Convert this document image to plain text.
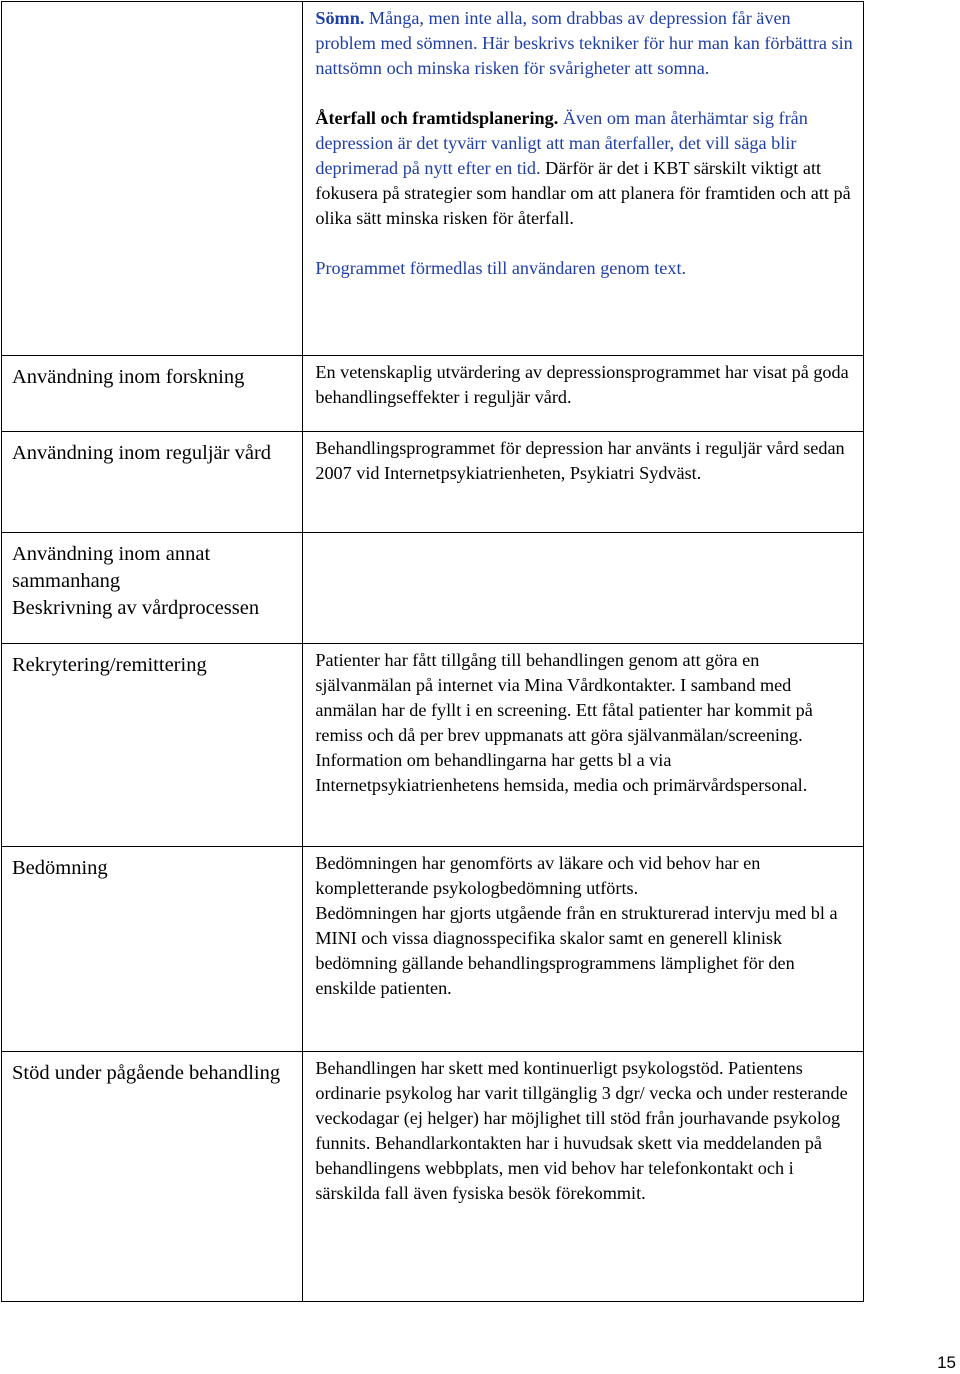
	Sömn. Många, men inte alla, som drabbas av depression får även problem med sömnen. Här beskrivs tekniker för hur man kan förbättra sin nattsömn och minska risken för svårigheter att somna.

Återfall och framtidsplanering. Även om man återhämtar sig från depression är det tyvärr vanligt att man återfaller, det vill säga blir deprimerad på nytt efter en tid. Därför är det i KBT särskilt viktigt att fokusera på strategier som handlar om att planera för framtiden och att på olika sätt minska risken för återfall.

Programmet förmedlas till användaren genom text.

Användning inom forskning	En vetenskaplig utvärdering av depressionsprogrammet har visat på goda behandlingseffekter i reguljär vård.

Användning inom reguljär vård	Behandlingsprogrammet för depression har använts i reguljär vård sedan 2007 vid Internetpsykiatrienheten, Psykiatri Sydväst.

Användning inom annat sammanhang
Beskrivning av vårdprocessen	

Rekrytering/remittering	Patienter har fått tillgång till behandlingen genom att göra en självanmälan på internet via Mina Vårdkontakter. I samband med anmälan har de fyllt i en screening. Ett fåtal patienter har kommit på remiss och då per brev uppmanats att göra självanmälan/screening. Information om behandlingarna har getts bl a via Internetpsykiatrienhetens hemsida, media och primärvårdspersonal.

Bedömning	Bedömningen har genomförts av läkare och vid behov har en kompletterande psykologbedömning utförts.

Bedömningen har gjorts utgående från en strukturerad intervju med bl a MINI och vissa diagnosspecifika skalor samt en generell klinisk bedömning gällande behandlingsprogrammens lämplighet för den enskilde patienten.

Stöd under pågående behandling	Behandlingen har skett med kontinuerligt psykologstöd. Patientens ordinarie psykolog har varit tillgänglig 3 dgr/ vecka och under resterande veckodagar (ej helger) har möjlighet till stöd från jourhavande psykolog funnits. Behandlarkontakten har i huvudsak skett via meddelanden på behandlingens webbplats, men vid behov har telefonkontakt och i särskilda fall även fysiska besök förekommit.
15
